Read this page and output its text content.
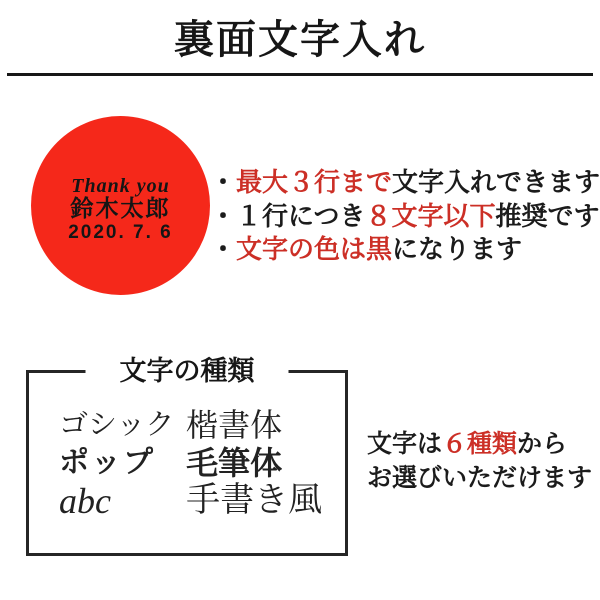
裏面文字入れ
Thank you
鈴木太郎
2020. 7. 6
・最大３行まで文字入れできます
・１行につき８文字以下推奨です
・文字の色は黒になります
文字の種類
ゴシック
ポップ
abc
楷書体
毛筆体
手書き風
文字は６種類から
お選びいただけます
